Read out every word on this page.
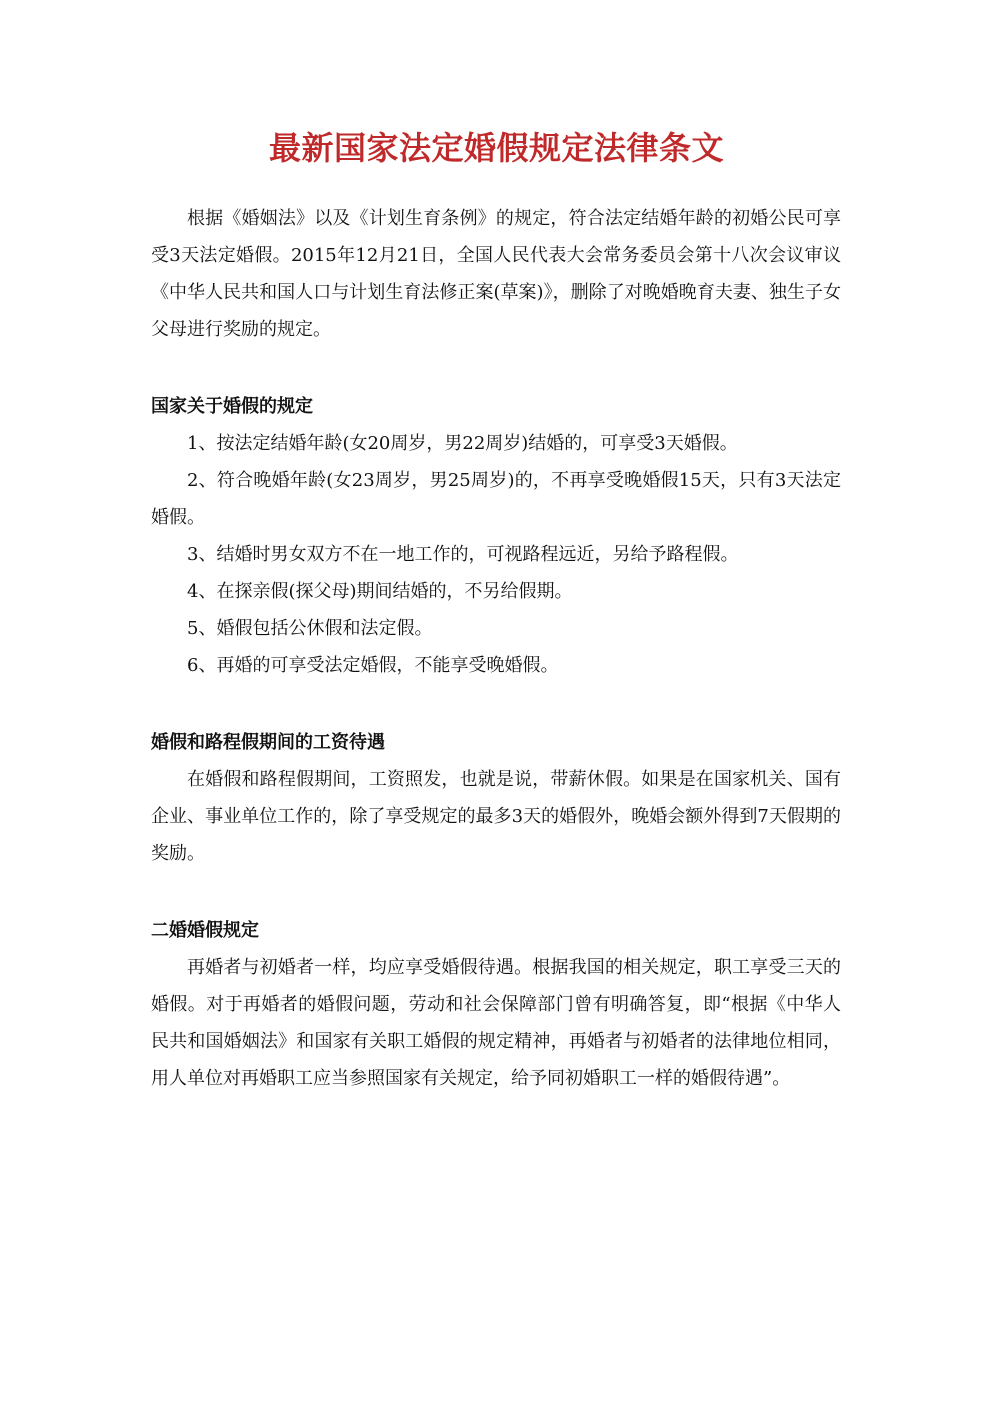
最新国家法定婚假规定法律条文

根据《婚姻法》以及《计划生育条例》的规定，符合法定结婚年龄的初婚公民可享受3天法定婚假。2015年12月21日，全国人民代表大会常务委员会第十八次会议审议《中华人民共和国人口与计划生育法修正案(草案)》，删除了对晚婚晚育夫妻、独生子女父母进行奖励的规定。

国家关于婚假的规定

1、按法定结婚年龄(女20周岁，男22周岁)结婚的，可享受3天婚假。

2、符合晚婚年龄(女23周岁，男25周岁)的，不再享受晚婚假15天，只有3天法定婚假。

3、结婚时男女双方不在一地工作的，可视路程远近，另给予路程假。

4、在探亲假(探父母)期间结婚的，不另给假期。

5、婚假包括公休假和法定假。

6、再婚的可享受法定婚假，不能享受晚婚假。

婚假和路程假期间的工资待遇

在婚假和路程假期间，工资照发，也就是说，带薪休假。如果是在国家机关、国有企业、事业单位工作的，除了享受规定的最多3天的婚假外，晚婚会额外得到7天假期的奖励。

二婚婚假规定

再婚者与初婚者一样，均应享受婚假待遇。根据我国的相关规定，职工享受三天的婚假。对于再婚者的婚假问题，劳动和社会保障部门曾有明确答复，即“根据《中华人民共和国婚姻法》和国家有关职工婚假的规定精神，再婚者与初婚者的法律地位相同，用人单位对再婚职工应当参照国家有关规定，给予同初婚职工一样的婚假待遇”。
